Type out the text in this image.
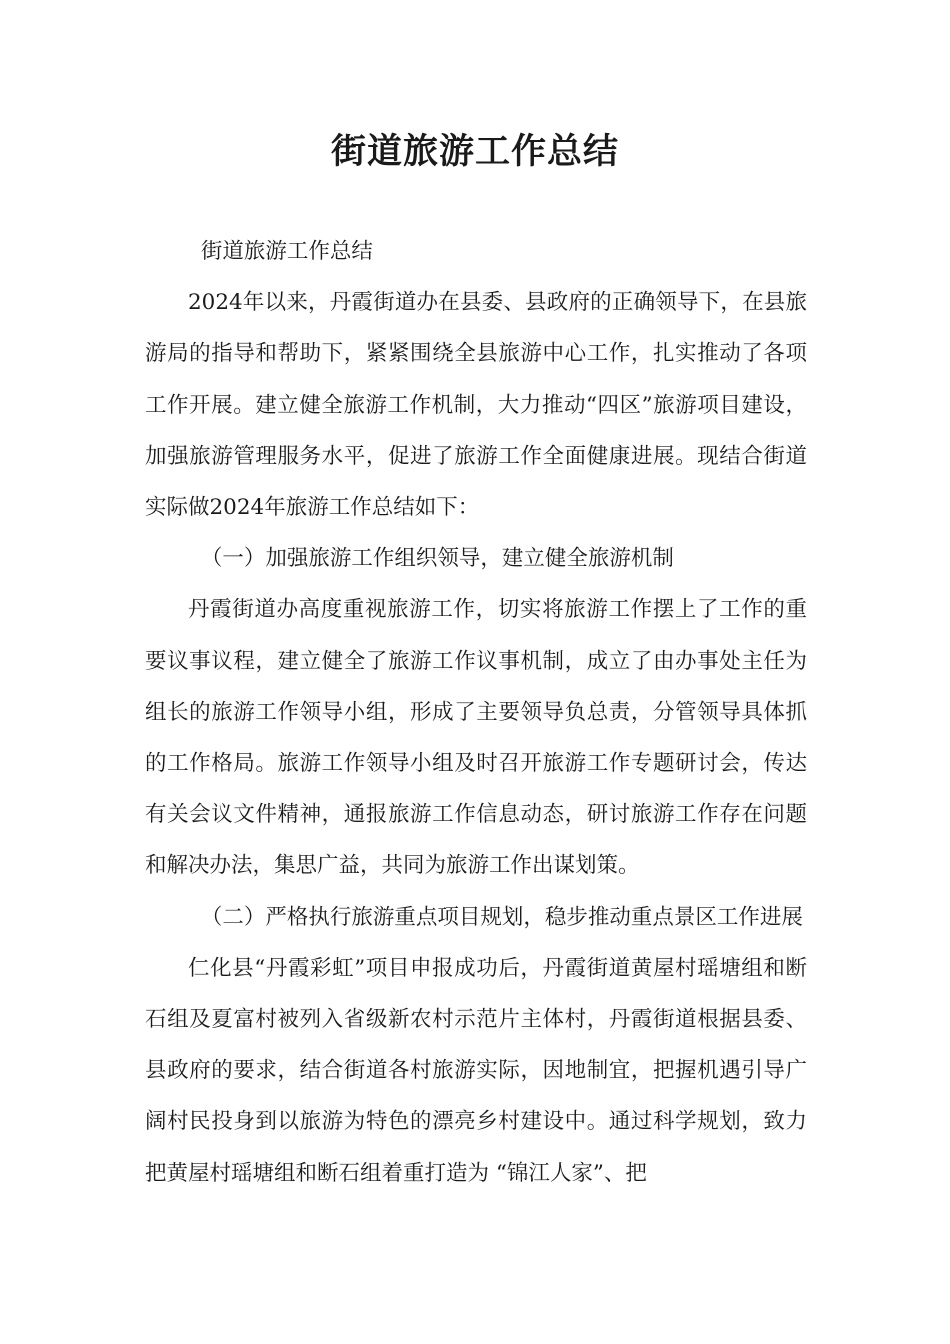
街道旅游工作总结

街道旅游工作总结

2024年以来，丹霞街道办在县委、县政府的正确领导下，在县旅游局的指导和帮助下，紧紧围绕全县旅游中心工作，扎实推动了各项工作开展。建立健全旅游工作机制，大力推动“四区”旅游项目建设，加强旅游管理服务水平，促进了旅游工作全面健康进展。现结合街道实际做2024年旅游工作总结如下：

（一）加强旅游工作组织领导，建立健全旅游机制

丹霞街道办高度重视旅游工作，切实将旅游工作摆上了工作的重要议事议程，建立健全了旅游工作议事机制，成立了由办事处主任为组长的旅游工作领导小组，形成了主要领导负总责，分管领导具体抓的工作格局。旅游工作领导小组及时召开旅游工作专题研讨会，传达有关会议文件精神，通报旅游工作信息动态，研讨旅游工作存在问题和解决办法，集思广益，共同为旅游工作出谋划策。

（二）严格执行旅游重点项目规划，稳步推动重点景区工作进展

仁化县“丹霞彩虹”项目申报成功后，丹霞街道黄屋村瑶塘组和断石组及夏富村被列入省级新农村示范片主体村，丹霞街道根据县委、县政府的要求，结合街道各村旅游实际，因地制宜，把握机遇引导广阔村民投身到以旅游为特色的漂亮乡村建设中。通过科学规划，致力把黄屋村瑶塘组和断石组着重打造为 “锦江人家”、把
